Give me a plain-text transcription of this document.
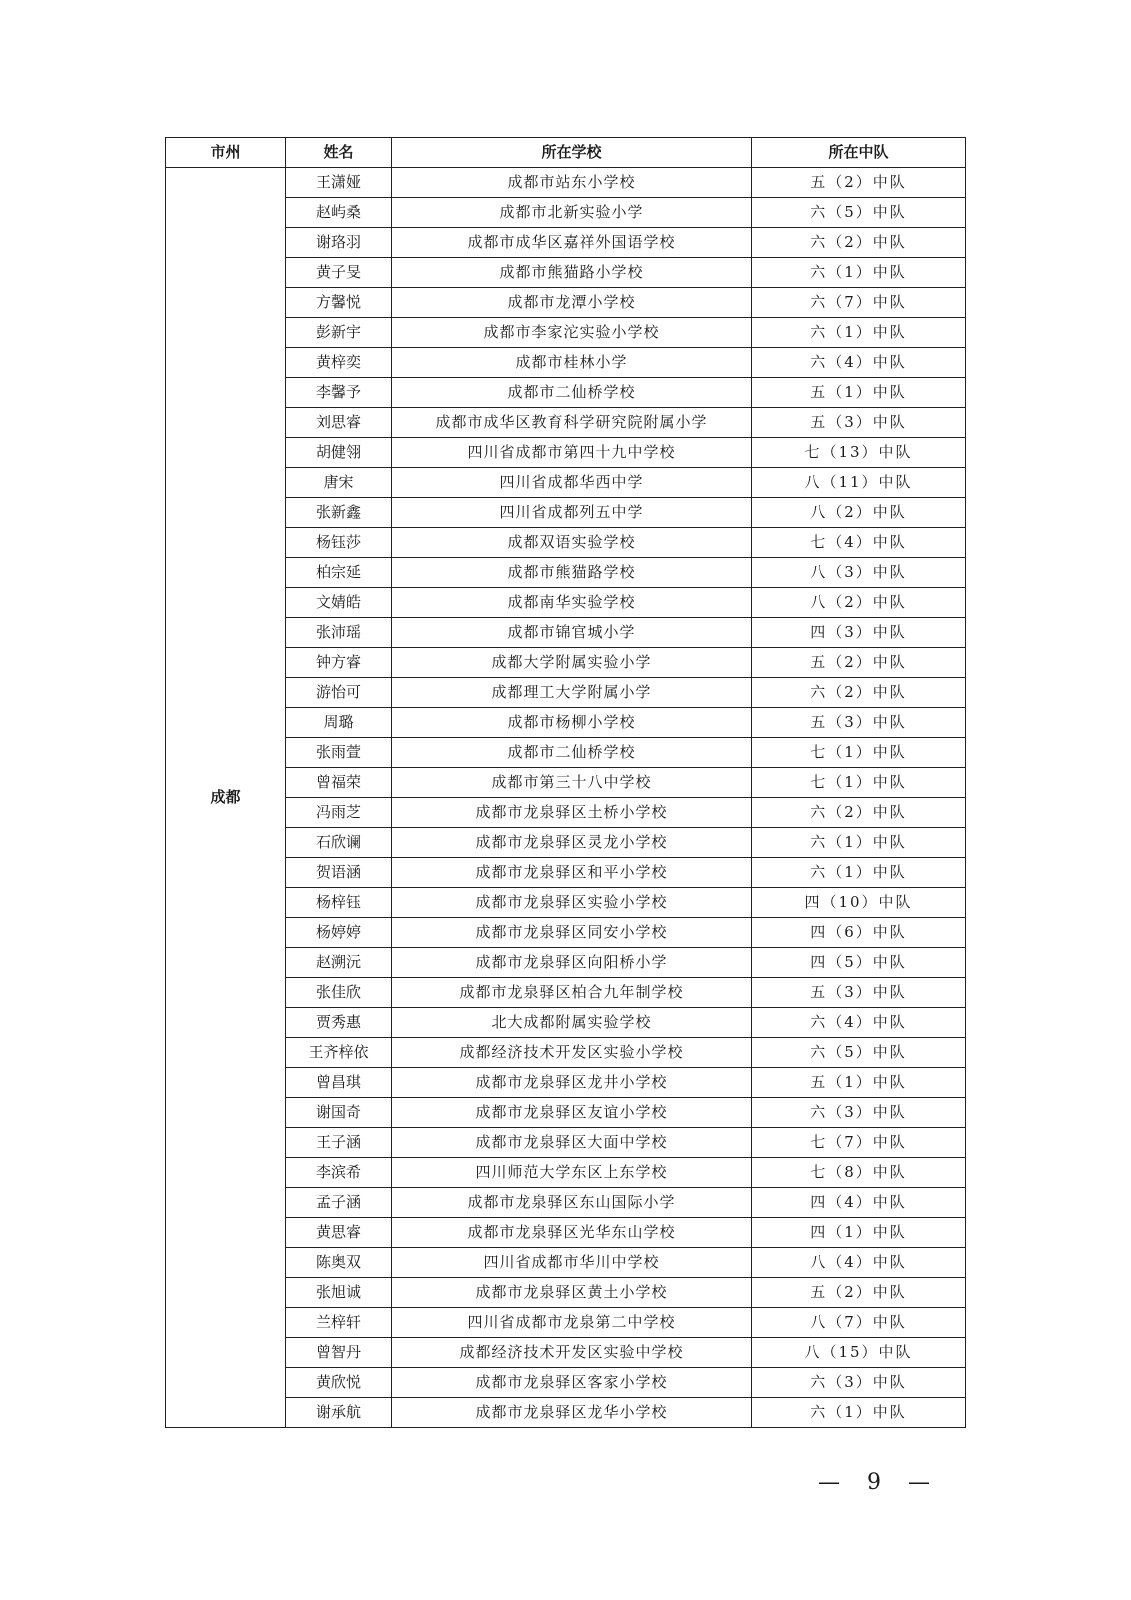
市州	姓名	所在学校	所在中队
成都	王潇娅	成都市站东小学校	五（2）中队
	赵屿桑	成都市北新实验小学	六（5）中队
	谢珞羽	成都市成华区嘉祥外国语学校	六（2）中队
	黄子旻	成都市熊猫路小学校	六（1）中队
	方馨悦	成都市龙潭小学校	六（7）中队
	彭新宇	成都市李家沱实验小学校	六（1）中队
	黄梓奕	成都市桂林小学	六（4）中队
	李馨予	成都市二仙桥学校	五（1）中队
	刘思睿	成都市成华区教育科学研究院附属小学	五（3）中队
	胡健翎	四川省成都市第四十九中学校	七（13）中队
	唐宋	四川省成都华西中学	八（11）中队
	张新鑫	四川省成都列五中学	八（2）中队
	杨钰莎	成都双语实验学校	七（4）中队
	柏宗延	成都市熊猫路学校	八（3）中队
	文婧皓	成都南华实验学校	八（2）中队
	张沛瑶	成都市锦官城小学	四（3）中队
	钟方睿	成都大学附属实验小学	五（2）中队
	游怡可	成都理工大学附属小学	六（2）中队
	周璐	成都市杨柳小学校	五（3）中队
	张雨萱	成都市二仙桥学校	七（1）中队
	曾福荣	成都市第三十八中学校	七（1）中队
	冯雨芝	成都市龙泉驿区土桥小学校	六（2）中队
	石欣谰	成都市龙泉驿区灵龙小学校	六（1）中队
	贺语涵	成都市龙泉驿区和平小学校	六（1）中队
	杨梓钰	成都市龙泉驿区实验小学校	四（10）中队
	杨婷婷	成都市龙泉驿区同安小学校	四（6）中队
	赵溯沅	成都市龙泉驿区向阳桥小学	四（5）中队
	张佳欣	成都市龙泉驿区柏合九年制学校	五（3）中队
	贾秀惠	北大成都附属实验学校	六（4）中队
	王齐梓依	成都经济技术开发区实验小学校	六（5）中队
	曾昌琪	成都市龙泉驿区龙井小学校	五（1）中队
	谢国奇	成都市龙泉驿区友谊小学校	六（3）中队
	王子涵	成都市龙泉驿区大面中学校	七（7）中队
	李滨希	四川师范大学东区上东学校	七（8）中队
	孟子涵	成都市龙泉驿区东山国际小学	四（4）中队
	黄思睿	成都市龙泉驿区光华东山学校	四（1）中队
	陈奥双	四川省成都市华川中学校	八（4）中队
	张旭诚	成都市龙泉驿区黄土小学校	五（2）中队
	兰梓轩	四川省成都市龙泉第二中学校	八（7）中队
	曾智丹	成都经济技术开发区实验中学校	八（15）中队
	黄欣悦	成都市龙泉驿区客家小学校	六（3）中队
	谢承航	成都市龙泉驿区龙华小学校	六（1）中队
— 9 —
